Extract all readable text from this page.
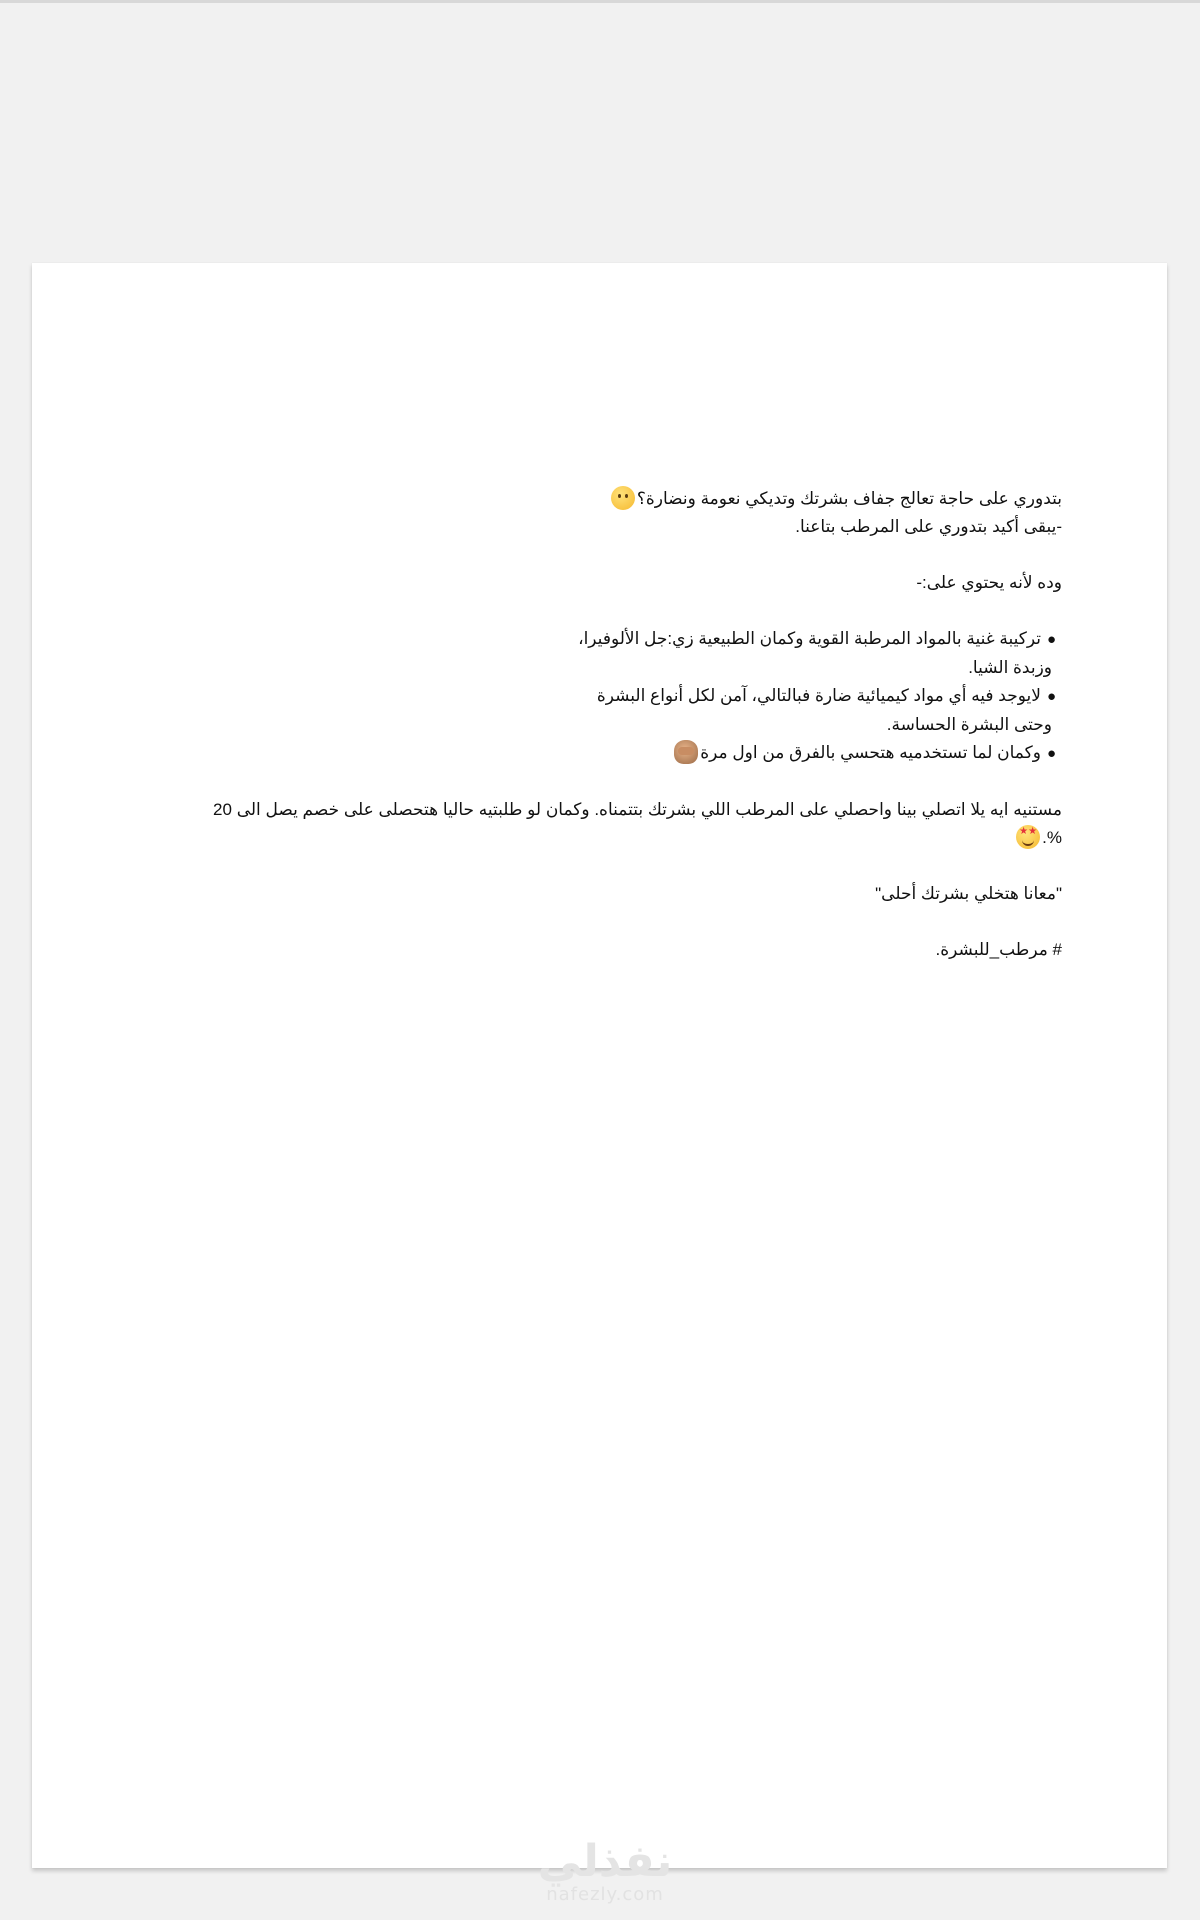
بتدوري على حاجة تعالج جفاف بشرتك وتديكي نعومة ونضارة؟
-يبقى أكيد بتدوري على المرطب بتاعنا.
وده لأنه يحتوي على:-
●تركيبة غنية بالمواد المرطبة القوية وكمان الطبيعية زي:جل الألوفيرا،
وزبدة الشيا.
●لايوجد فيه أي مواد كيميائية ضارة فبالتالي، آمن لكل أنواع البشرة
وحتى البشرة الحساسة.
●وكمان لما تستخدميه هتحسي بالفرق من اول مرة
مستنيه ايه يلا اتصلي بينا واحصلي على المرطب اللي بشرتك بتتمناه. وكمان لو طلبتيه حاليا هتحصلى على خصم يصل الى 20
%.★
★
"معانا هتخلي بشرتك أحلى"
# مرطب_للبشرة.
نفذلي
nafezly.com
